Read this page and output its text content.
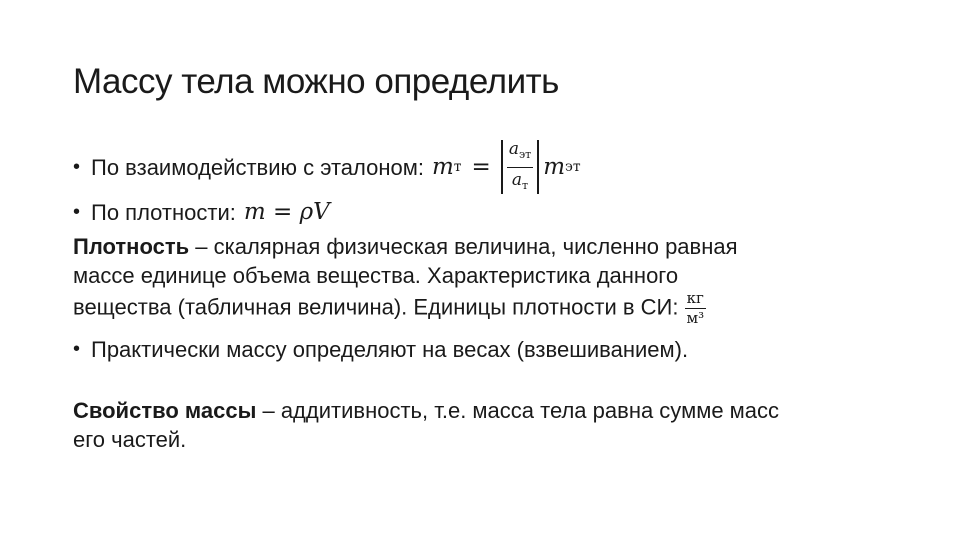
Массу тела можно определить
• По взаимодействию с эталоном: m $т = \frac{a_{эт}}{a_т}$ m эт
• По плотности: m = ρV

Плотность – скалярная физическая величина, численно равная

массе единице объема вещества. Характеристика данного

вещества (табличная величина). Единицы плотности в СИ: $\frac{кг}{\text{м³}}$

• Практически массу определяют на весах (взвешиванием).

Свойство массы – аддитивность, т.е. масса тела равна сумме масс

его частей.
